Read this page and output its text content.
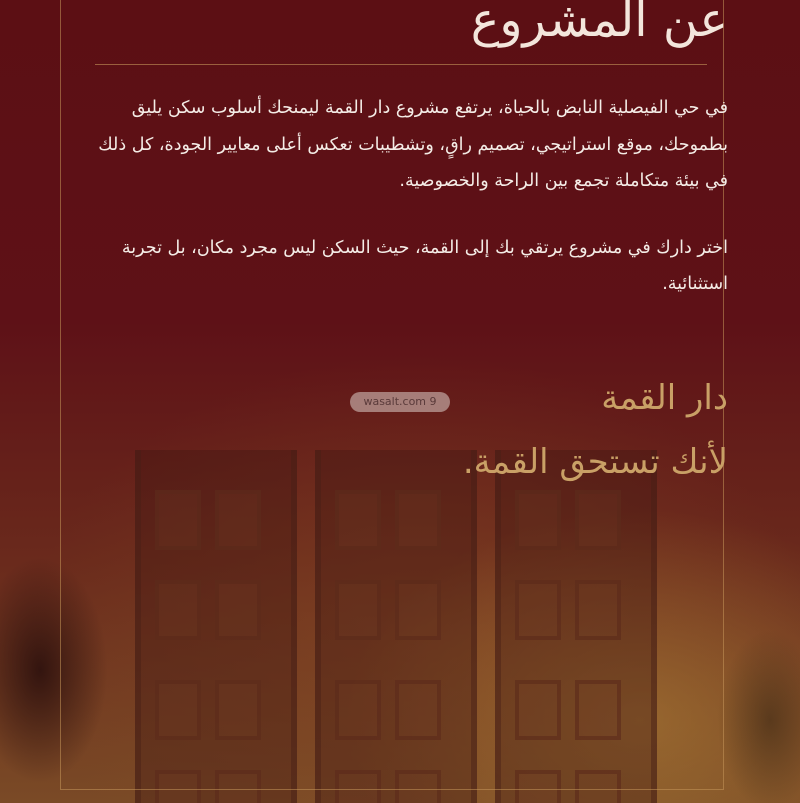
عن المشروع

في حي الفيصلية النابض بالحياة، يرتفع مشروع دار القمة ليمنحك أسلوب سكن يليق بطموحك، موقع استراتيجي، تصميم راقٍ، وتشطيبات تعكس أعلى معايير الجودة، كل ذلك في بيئة متكاملة تجمع بين الراحة والخصوصية.

اختر دارك في مشروع يرتقي بك إلى القمة، حيث السكن ليس مجرد مكان، بل تجربة استثنائية.

wasalt.com 9	دار القمة
لأنك تستحق القمة.
